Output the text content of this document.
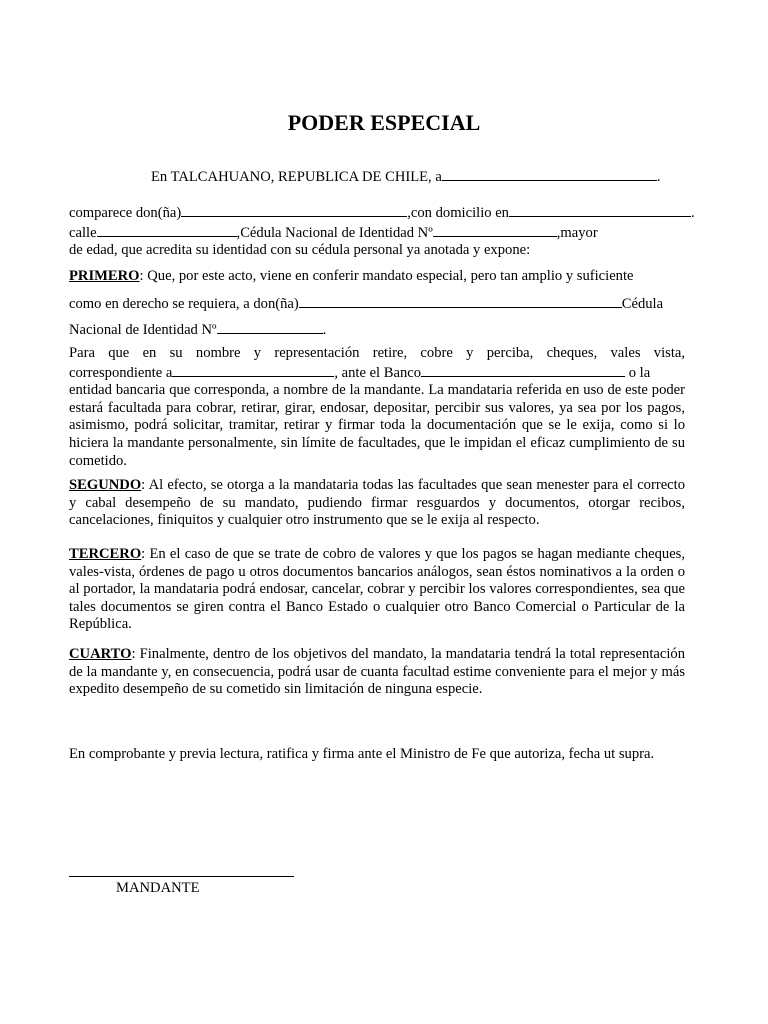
PODER ESPECIAL
En TALCAHUANO, REPUBLICA DE CHILE, a	.
comparece don(ña)	,con domicilio en	.
calle	,Cédula Nacional de Identidad Nº	,mayor
de edad, que acredita su identidad con su cédula personal ya anotada y expone:
PRIMERO: Que, por este acto, viene en conferir mandato especial, pero tan amplio y suficiente
como en derecho se requiera, a don(ña)	Cédula
Nacional de Identidad Nº	.
Para que en su nombre y representación retire, cobre y perciba, cheques, vales vista,
correspondiente a	, ante el Banco	o la
entidad bancaria que corresponda, a nombre de la mandante. La mandataria referida en uso de este poder estará facultada para cobrar, retirar, girar, endosar, depositar, percibir sus valores, ya sea por los pagos, asimismo, podrá solicitar, tramitar, retirar y firmar toda la documentación que se le exija, como si lo hiciera la mandante personalmente, sin límite de facultades, que le impidan el eficaz cumplimiento de su cometido.
SEGUNDO: Al efecto, se otorga a la mandataria todas las facultades que sean menester para el correcto y cabal desempeño de su mandato, pudiendo firmar resguardos y documentos, otorgar recibos, cancelaciones, finiquitos y cualquier otro instrumento que se le exija al respecto.
TERCERO: En el caso de que se trate de cobro de valores y que los pagos se hagan mediante cheques, vales-vista, órdenes de pago u otros documentos bancarios análogos, sean éstos nominativos a la orden o al portador, la mandataria podrá endosar, cancelar, cobrar y percibir los valores correspondientes, sea que tales documentos se giren contra el Banco Estado o cualquier otro Banco Comercial o Particular de la República.
CUARTO: Finalmente, dentro de los objetivos del mandato, la mandataria tendrá la total representación de la mandante y, en consecuencia, podrá usar de cuanta facultad estime conveniente para el mejor y más expedito desempeño de su cometido sin limitación de ninguna especie.
En comprobante y previa lectura, ratifica y firma ante el Ministro de Fe que autoriza, fecha ut supra.
MANDANTE
